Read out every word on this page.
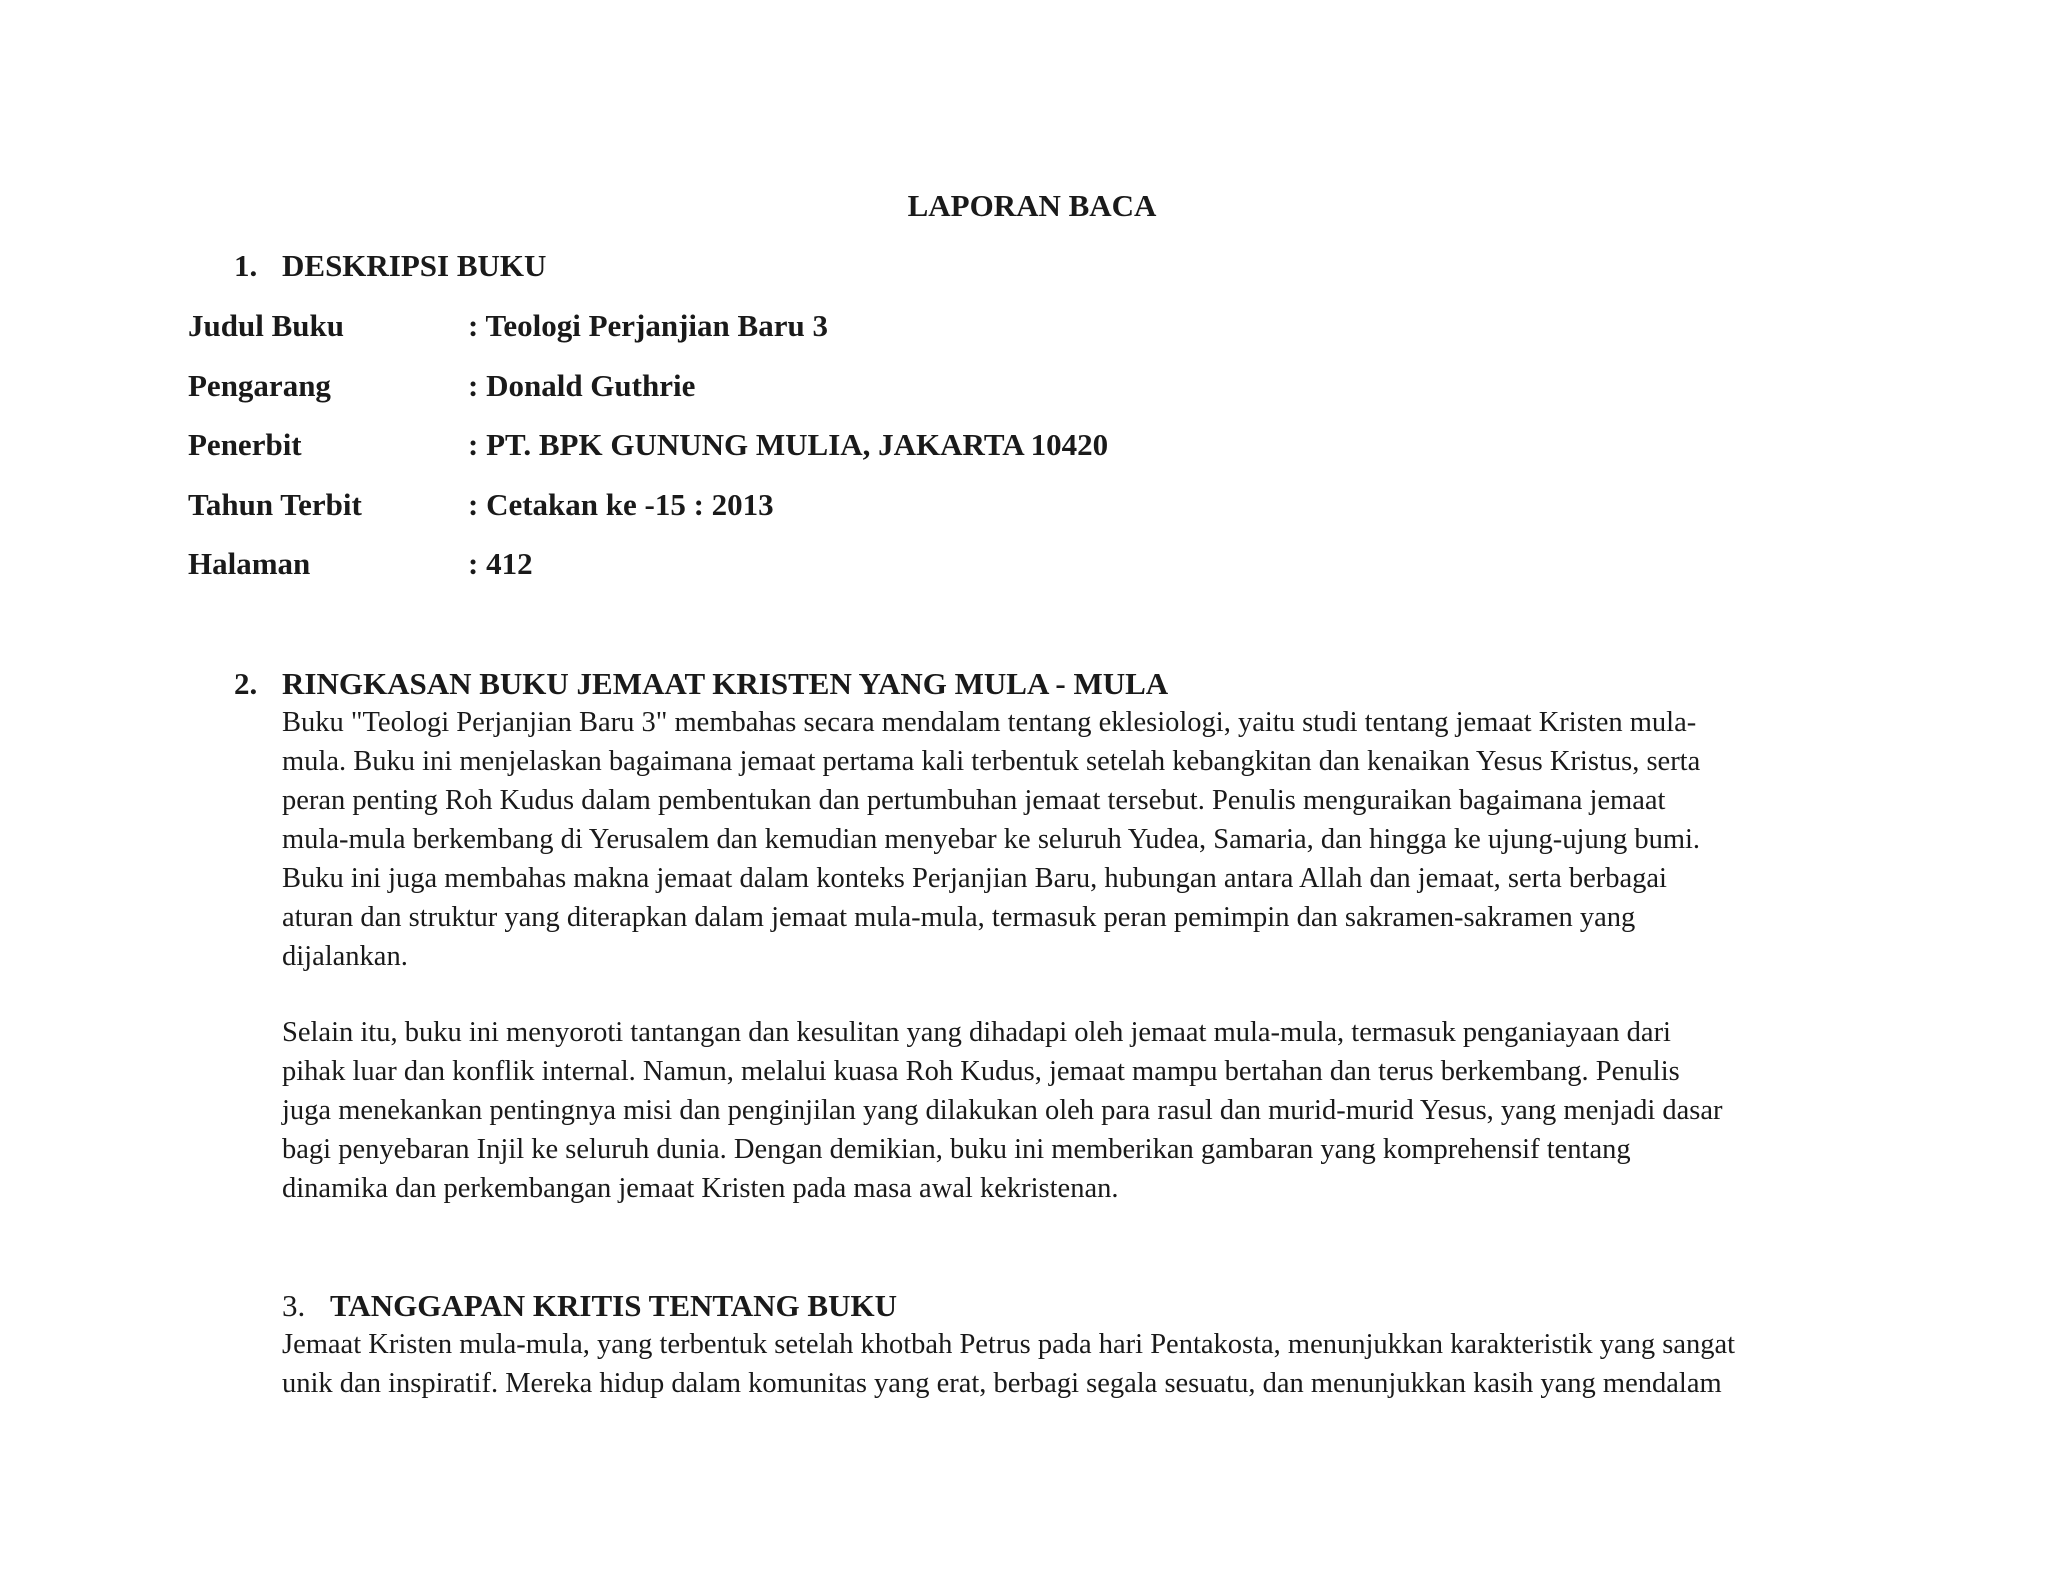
LAPORAN BACA
1. DESKRIPSI BUKU
Judul Buku	: Teologi Perjanjian Baru 3
Pengarang	: Donald Guthrie
Penerbit	: PT. BPK GUNUNG MULIA, JAKARTA 10420
Tahun Terbit	: Cetakan ke -15 : 2013
Halaman	: 412
2. RINGKASAN BUKU JEMAAT KRISTEN YANG MULA - MULA

Buku "Teologi Perjanjian Baru 3" membahas secara mendalam tentang eklesiologi, yaitu studi tentang jemaat Kristen mula-
mula. Buku ini menjelaskan bagaimana jemaat pertama kali terbentuk setelah kebangkitan dan kenaikan Yesus Kristus, serta
peran penting Roh Kudus dalam pembentukan dan pertumbuhan jemaat tersebut. Penulis menguraikan bagaimana jemaat
mula-mula berkembang di Yerusalem dan kemudian menyebar ke seluruh Yudea, Samaria, dan hingga ke ujung-ujung bumi.
Buku ini juga membahas makna jemaat dalam konteks Perjanjian Baru, hubungan antara Allah dan jemaat, serta berbagai
aturan dan struktur yang diterapkan dalam jemaat mula-mula, termasuk peran pemimpin dan sakramen-sakramen yang
dijalankan.

Selain itu, buku ini menyoroti tantangan dan kesulitan yang dihadapi oleh jemaat mula-mula, termasuk penganiayaan dari
pihak luar dan konflik internal. Namun, melalui kuasa Roh Kudus, jemaat mampu bertahan dan terus berkembang. Penulis
juga menekankan pentingnya misi dan penginjilan yang dilakukan oleh para rasul dan murid-murid Yesus, yang menjadi dasar
bagi penyebaran Injil ke seluruh dunia. Dengan demikian, buku ini memberikan gambaran yang komprehensif tentang
dinamika dan perkembangan jemaat Kristen pada masa awal kekristenan.

3. TANGGAPAN KRITIS TENTANG BUKU

Jemaat Kristen mula-mula, yang terbentuk setelah khotbah Petrus pada hari Pentakosta, menunjukkan karakteristik yang sangat
unik dan inspiratif. Mereka hidup dalam komunitas yang erat, berbagi segala sesuatu, dan menunjukkan kasih yang mendalam
